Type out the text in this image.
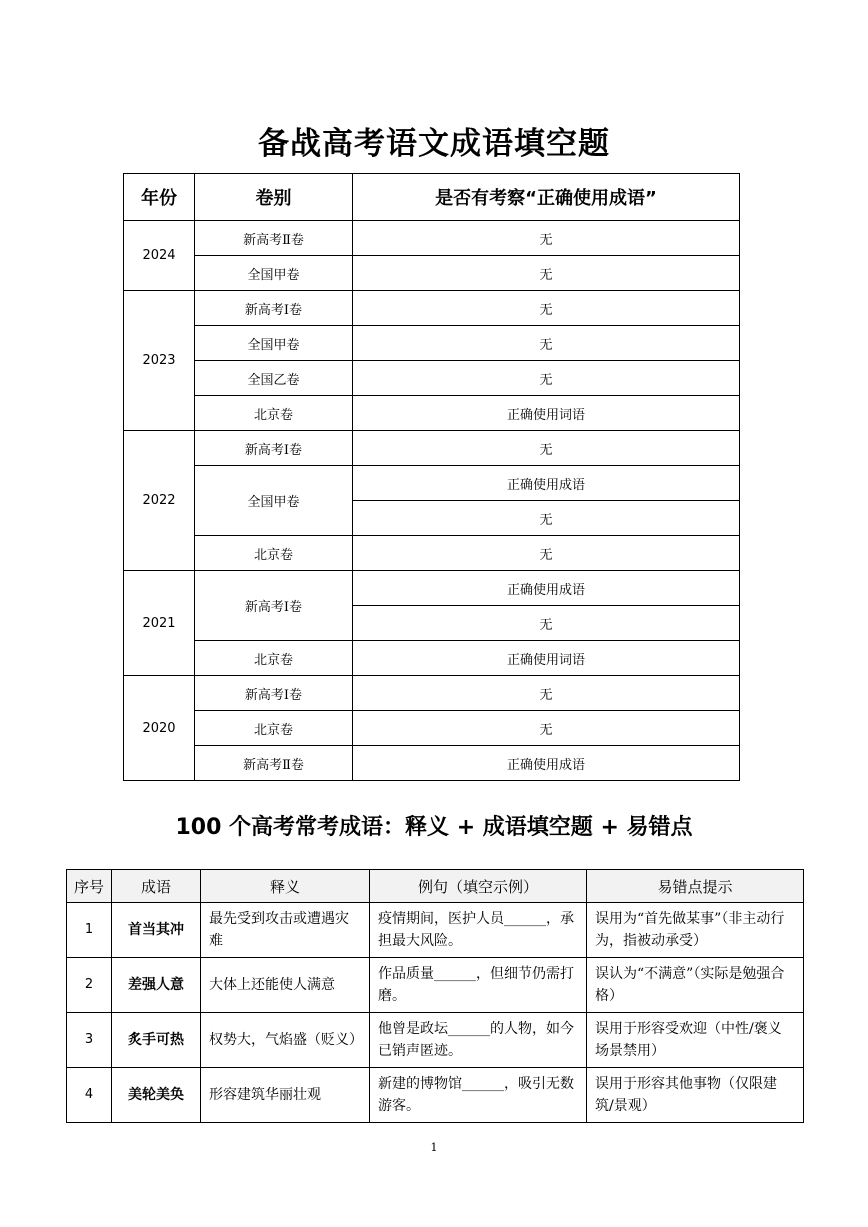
备战高考语文成语填空题
年份	卷别	是否有考察“正确使用成语”
2024	新高考Ⅱ卷	无
	全国甲卷	无
2023	新高考Ⅰ卷	无
	全国甲卷	无
	全国乙卷	无
	北京卷	正确使用词语
2022	新高考Ⅰ卷	无
	全国甲卷	正确使用成语
		无
	北京卷	无
2021	新高考Ⅰ卷	正确使用成语
		无
	北京卷	正确使用词语
2020	新高考Ⅰ卷	无
	北京卷	无
	新高考Ⅱ卷	正确使用成语
100 个高考常考成语：释义 + 成语填空题 + 易错点
序号	成语	释义	例句（填空示例）	易错点提示
1	首当其冲	最先受到攻击或遭遇灾难	疫情期间，医护人员______，承担最大风险。	误用为“首先做某事”（非主动行为，指被动承受）
2	差强人意	大体上还能使人满意	作品质量______，但细节仍需打磨。	误认为“不满意”（实际是勉强合格）
3	炙手可热	权势大，气焰盛（贬义）	他曾是政坛______的人物，如今已销声匿迹。	误用于形容受欢迎（中性/褒义场景禁用）
4	美轮美奂	形容建筑华丽壮观	新建的博物馆______，吸引无数游客。	误用于形容其他事物（仅限建筑/景观）
1
